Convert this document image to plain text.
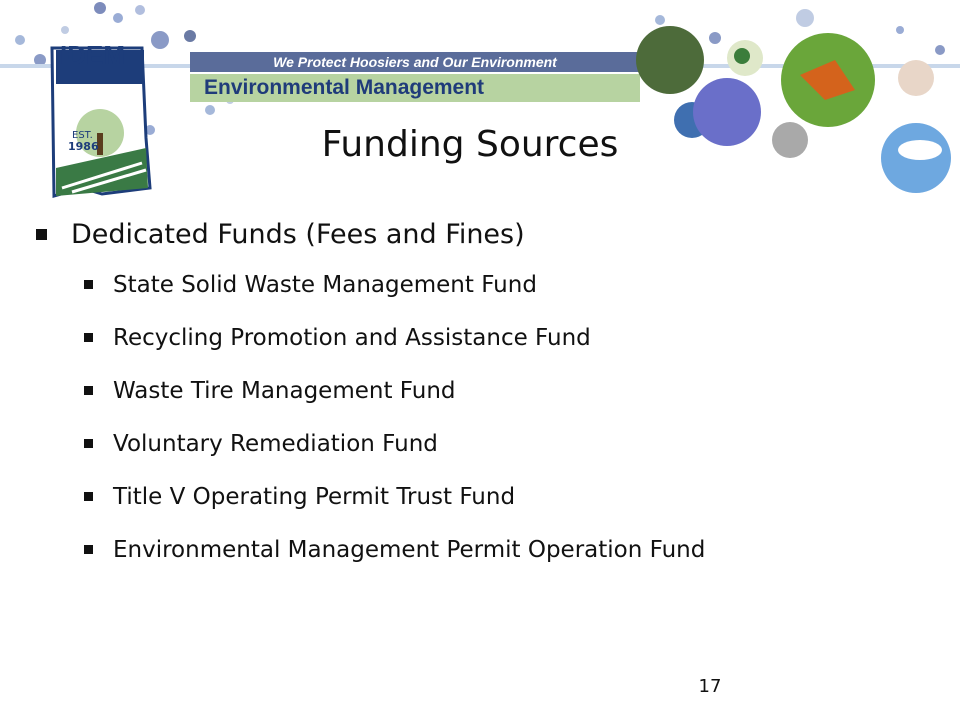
EST.
1986
IDEM	We Protect Hoosiers and Our Environment
Environmental Management
Funding Sources
Dedicated Funds (Fees and Fines)
State Solid Waste Management Fund
Recycling Promotion and Assistance Fund
Waste Tire Management Fund
Voluntary Remediation Fund
Title V Operating Permit Trust Fund
Environmental Management Permit Operation Fund
17
